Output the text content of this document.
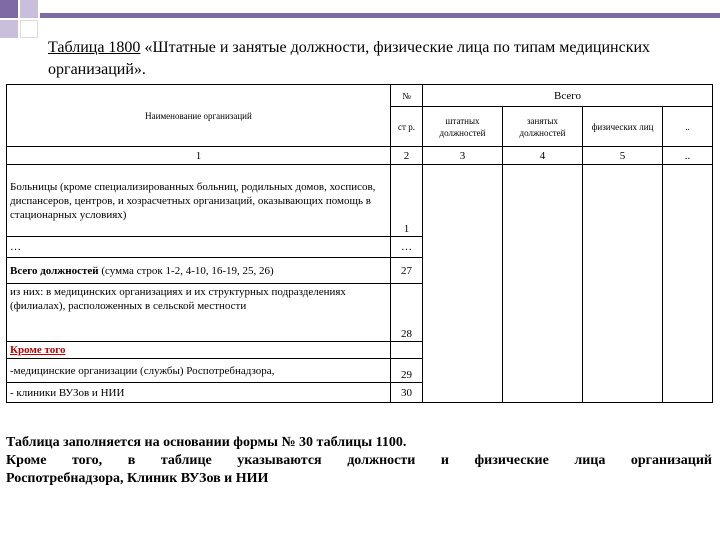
Таблица 1800 «Штатные и занятые должности, физические лица по типам медицинских организаций».
Наименование организаций	№	Всего			
	ст р.	штатных должностей	занятых должностей	физических лиц	..
1	2	3	4	5	..
Больницы (кроме специализированных больниц, родильных домов, хосписов, диспансеров, центров, и хозрасчетных организаций, оказывающих помощь в стационарных условиях)	1				
…	…				
Всего должностей (сумма строк 1-2, 4-10, 16-19, 25, 26)	27				
из них: в медицинских организациях и их структурных подразделениях (филиалах), расположенных в сельской местности	28				
Кроме того					
-медицинские организации (службы) Роспотребнадзора,	29				
- клиники ВУЗов и НИИ	30				

Таблица заполняется на основании формы № 30 таблицы 1100.

Кроме того, в таблице указываются должности и физические лица организаций

Роспотребнадзора, Клиник ВУЗов и НИИ
